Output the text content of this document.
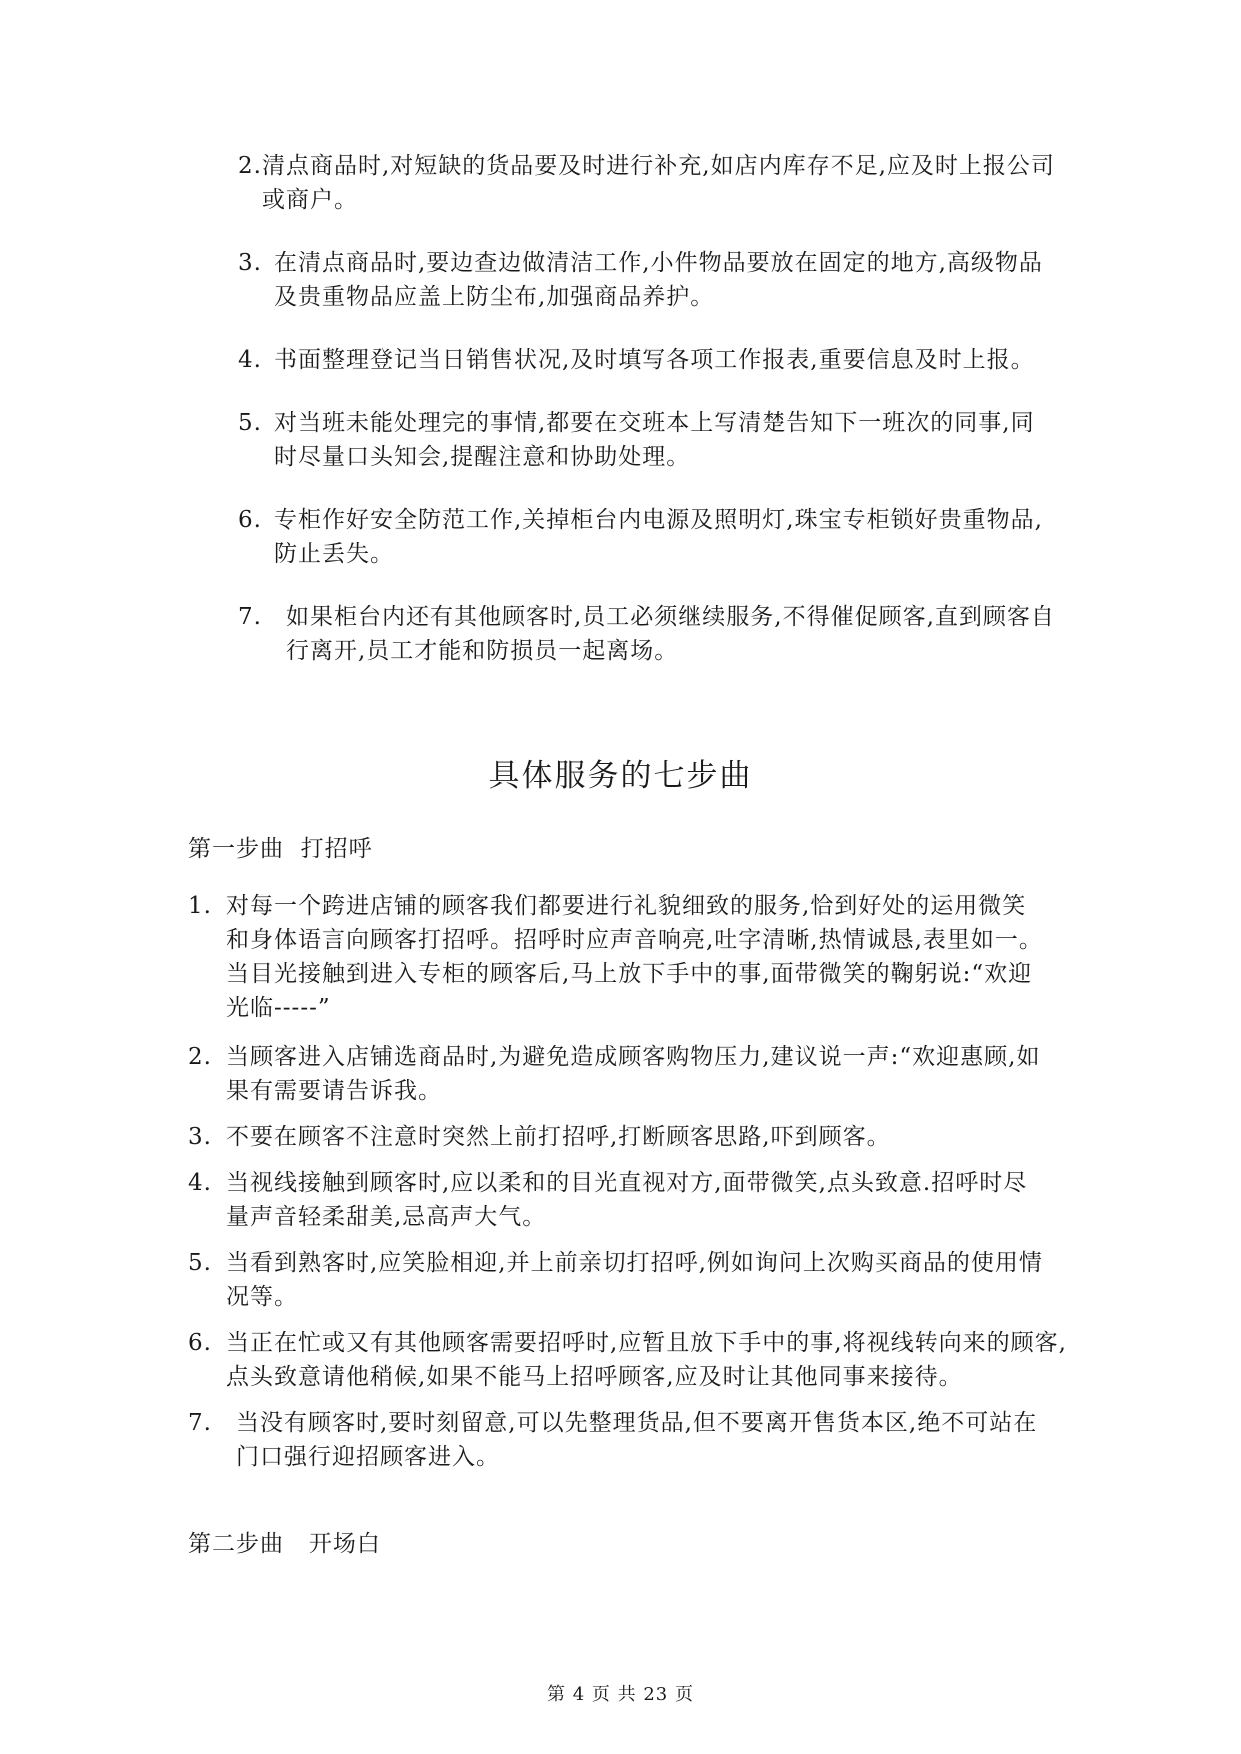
2. 清点商品时,对短缺的货品要及时进行补充,如店内库存不足,应及时上报公司或商户。
3. 在清点商品时,要边查边做清洁工作,小件物品要放在固定的地方,高级物品及贵重物品应盖上防尘布,加强商品养护。
4. 书面整理登记当日销售状况,及时填写各项工作报表,重要信息及时上报。
5. 对当班未能处理完的事情,都要在交班本上写清楚告知下一班次的同事,同时尽量口头知会,提醒注意和协助处理。
6. 专柜作好安全防范工作,关掉柜台内电源及照明灯,珠宝专柜锁好贵重物品,防止丢失。
7.	如果柜台内还有其他顾客时,员工必须继续服务,不得催促顾客,直到顾客自行离开,员工才能和防损员一起离场。
具体服务的七步曲
第一步曲  打招呼
1. 对每一个跨进店铺的顾客我们都要进行礼貌细致的服务,恰到好处的运用微笑和身体语言向顾客打招呼。招呼时应声音响亮,吐字清晰,热情诚恳,表里如一。当目光接触到进入专柜的顾客后,马上放下手中的事,面带微笑的鞠躬说:“欢迎光临-----”
2. 当顾客进入店铺选商品时,为避免造成顾客购物压力,建议说一声:“欢迎惠顾,如果有需要请告诉我。
3. 不要在顾客不注意时突然上前打招呼,打断顾客思路,吓到顾客。
4. 当视线接触到顾客时,应以柔和的目光直视对方,面带微笑,点头致意.招呼时尽量声音轻柔甜美,忌高声大气。
5. 当看到熟客时,应笑脸相迎,并上前亲切打招呼,例如询问上次购买商品的使用情况等。
6. 当正在忙或又有其他顾客需要招呼时,应暂且放下手中的事,将视线转向来的顾客,点头致意请他稍候,如果不能马上招呼顾客,应及时让其他同事来接待。
7.	当没有顾客时,要时刻留意,可以先整理货品,但不要离开售货本区,绝不可站在门口强行迎招顾客进入。
第二步曲   开场白
第 4 页 共 23 页
